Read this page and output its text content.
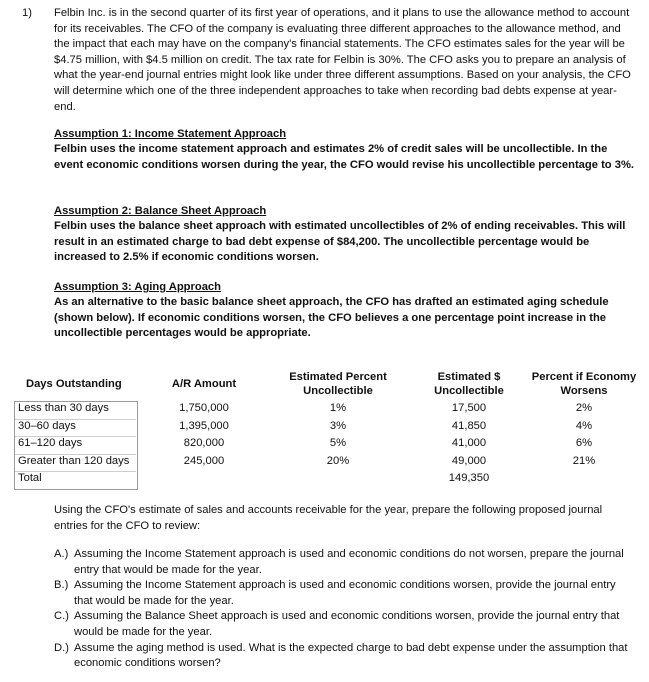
1) Felbin Inc. is in the second quarter of its first year of operations, and it plans to use the allowance method to account for its receivables. The CFO of the company is evaluating three different approaches to the allowance method, and the impact that each may have on the company's financial statements. The CFO estimates sales for the year will be $4.75 million, with $4.5 million on credit. The tax rate for Felbin is 30%. The CFO asks you to prepare an analysis of what the year-end journal entries might look like under three different assumptions. Based on your analysis, the CFO will determine which one of the three independent approaches to take when recording bad debts expense at year-end.
Assumption 1: Income Statement Approach
Felbin uses the income statement approach and estimates 2% of credit sales will be uncollectible. In the event economic conditions worsen during the year, the CFO would revise his uncollectible percentage to 3%.
Assumption 2: Balance Sheet Approach
Felbin uses the balance sheet approach with estimated uncollectibles of 2% of ending receivables. This will result in an estimated charge to bad debt expense of $84,200. The uncollectible percentage would be increased to 2.5% if economic conditions worsen.
Assumption 3: Aging Approach
As an alternative to the basic balance sheet approach, the CFO has drafted an estimated aging schedule (shown below). If economic conditions worsen, the CFO believes a one percentage point increase in the uncollectible percentages would be appropriate.
Days Outstanding	A/R Amount	Estimated Percent Uncollectible	Estimated $ Uncollectible	Percent if Economy Worsens
Less than 30 days	1,750,000	1%	17,500	2%
30–60 days	1,395,000	3%	41,850	4%
61–120 days	820,000	5%	41,000	6%
Greater than 120 days	245,000	20%	49,000	21%
Total			149,350	
Using the CFO's estimate of sales and accounts receivable for the year, prepare the following proposed journal entries for the CFO to review:
A.) Assuming the Income Statement approach is used and economic conditions do not worsen, prepare the journal entry that would be made for the year.
B.) Assuming the Income Statement approach is used and economic conditions worsen, provide the journal entry that would be made for the year.
C.) Assuming the Balance Sheet approach is used and economic conditions worsen, provide the journal entry that would be made for the year.
D.) Assume the aging method is used. What is the expected charge to bad debt expense under the assumption that economic conditions worsen?
